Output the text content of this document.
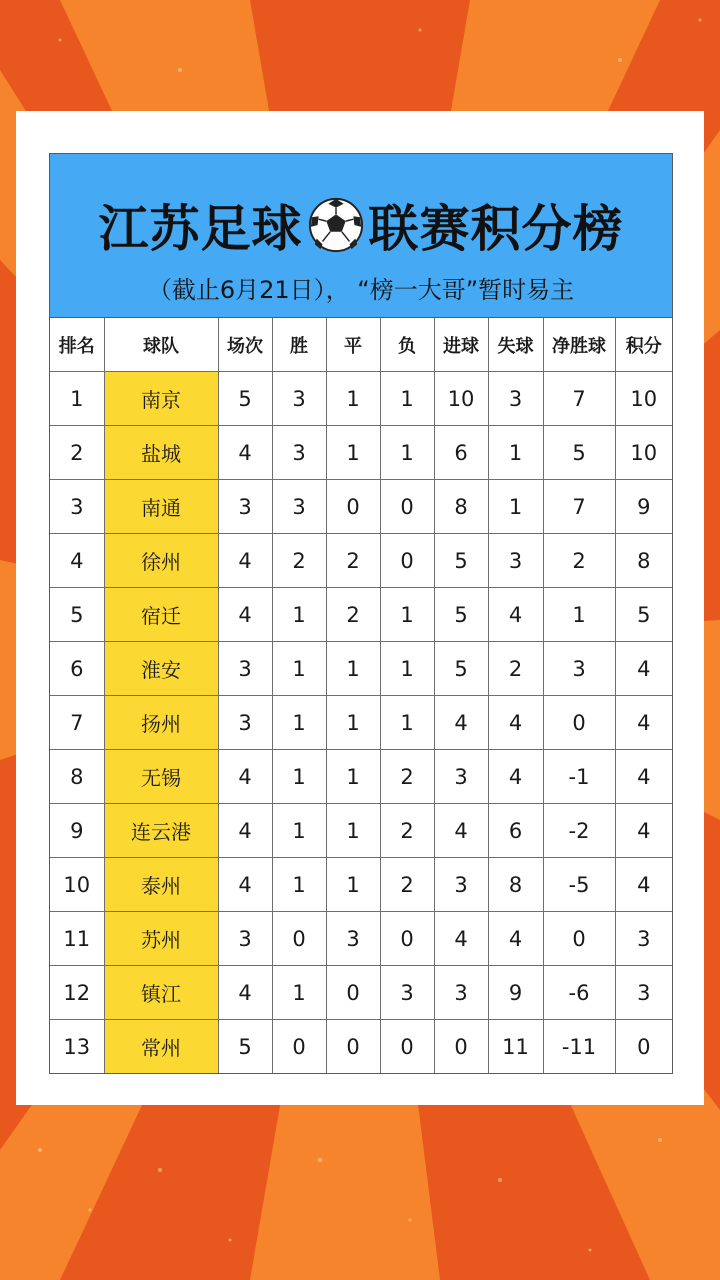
江苏足球 联赛积分榜
（截止6月21日）， “榜一大哥”暂时易主
排名	球队	场次	胜	平	负	进球	失球	净胜球	积分
1	南京	5	3	1	1	10	3	7	10
2	盐城	4	3	1	1	6	1	5	10
3	南通	3	3	0	0	8	1	7	9
4	徐州	4	2	2	0	5	3	2	8
5	宿迁	4	1	2	1	5	4	1	5
6	淮安	3	1	1	1	5	2	3	4
7	扬州	3	1	1	1	4	4	0	4
8	无锡	4	1	1	2	3	4	-1	4
9	连云港	4	1	1	2	4	6	-2	4
10	泰州	4	1	1	2	3	8	-5	4
11	苏州	3	0	3	0	4	4	0	3
12	镇江	4	1	0	3	3	9	-6	3
13	常州	5	0	0	0	0	11	-11	0
